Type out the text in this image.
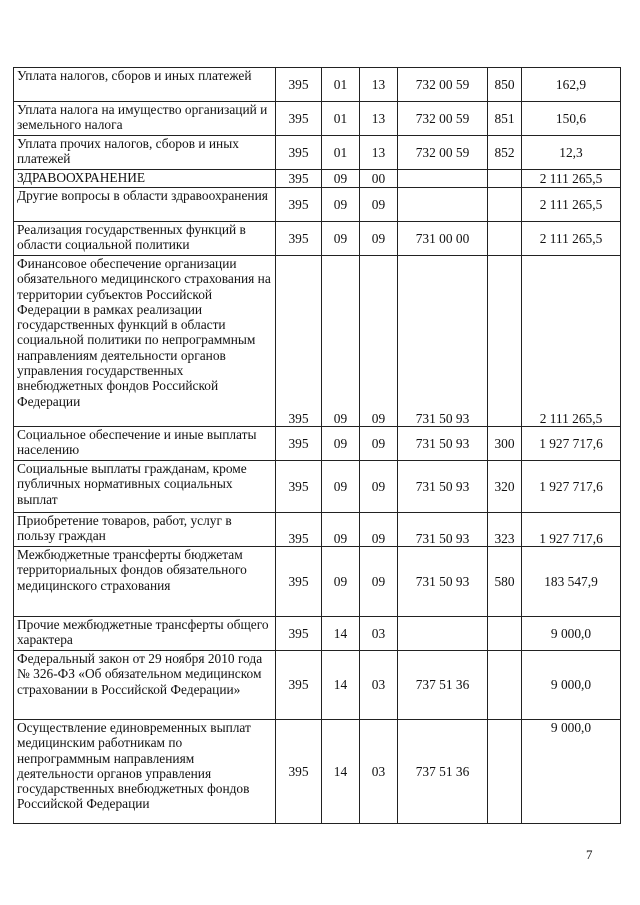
Уплата налогов, сборов и иных платежей	395	01	13	732 00 59	850	162,9
Уплата налога на имущество организаций и земельного налога	395	01	13	732 00 59	851	150,6
Уплата прочих налогов, сборов и иных платежей	395	01	13	732 00 59	852	12,3
ЗДРАВООХРАНЕНИЕ	395	09	00			2 111 265,5
Другие вопросы в области здравоохранения	395	09	09			2 111 265,5
Реализация государственных функций в области социальной политики	395	09	09	731 00 00		2 111 265,5
Финансовое обеспечение организации обязательного медицинского страхования на территории субъектов Российской Федерации в рамках реализации государственных функций в области социальной политики по непрограммным направлениям деятельности органов управления государственных внебюджетных фондов Российской Федерации	395	09	09	731 50 93		2 111 265,5
Социальное обеспечение и иные выплаты населению	395	09	09	731 50 93	300	1 927 717,6
Социальные выплаты гражданам, кроме публичных нормативных социальных выплат	395	09	09	731 50 93	320	1 927 717,6
Приобретение товаров, работ, услуг в пользу граждан	395	09	09	731 50 93	323	1 927 717,6
Межбюджетные трансферты бюджетам территориальных фондов обязательного медицинского страхования	395	09	09	731 50 93	580	183 547,9
Прочие межбюджетные трансферты общего характера	395	14	03			9 000,0
Федеральный закон от 29 ноября 2010 года № 326-ФЗ «Об обязательном медицинском страховании в Российской Федерации»	395	14	03	737 51 36		9 000,0
Осуществление единовременных выплат медицинским работникам по непрограммным направлениям деятельности органов управления государственных внебюджетных фондов Российской Федерации	395	14	03	737 51 36		9 000,0
7
